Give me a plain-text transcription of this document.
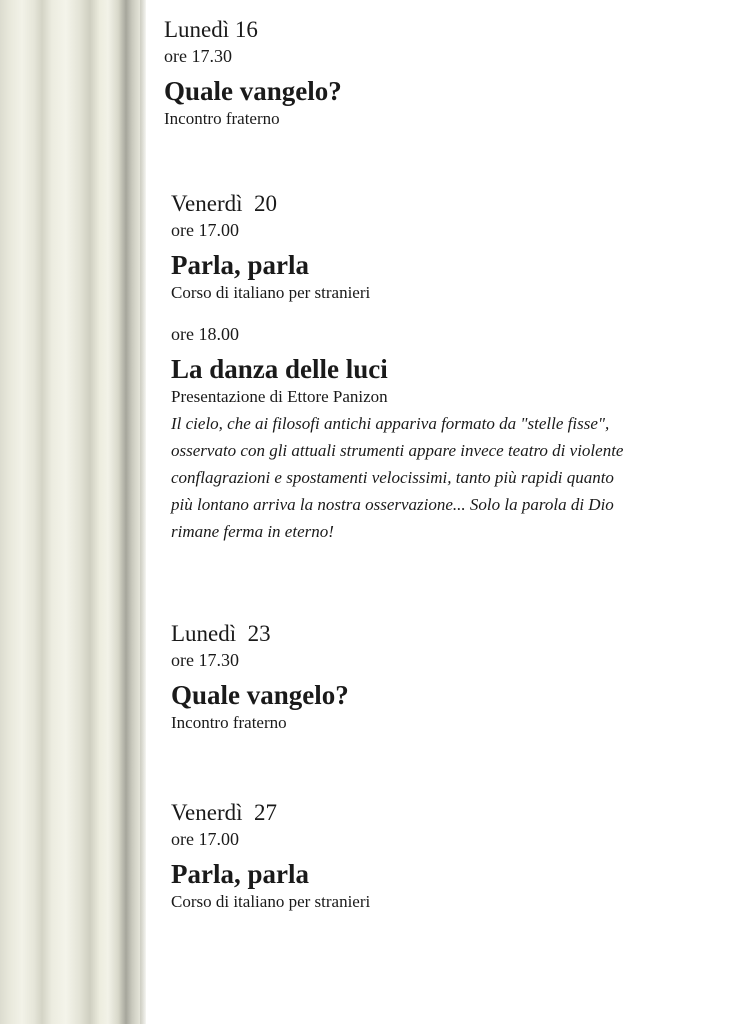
Lunedì 16
ore 17.30
Quale vangelo?
Incontro fraterno
Venerdì  20
ore 17.00
Parla, parla
Corso di italiano per stranieri
ore 18.00
La danza delle luci
Presentazione di Ettore Panizon
Il cielo, che ai filosofi antichi appariva formato da "stelle fisse",
osservato con gli attuali strumenti appare invece teatro di violente
conflagrazioni e spostamenti velocissimi, tanto più rapidi quanto
più lontano arriva la nostra osservazione... Solo la parola di Dio
rimane ferma in eterno!
Lunedì  23
ore 17.30
Quale vangelo?
Incontro fraterno
Venerdì  27
ore 17.00
Parla, parla
Corso di italiano per stranieri
